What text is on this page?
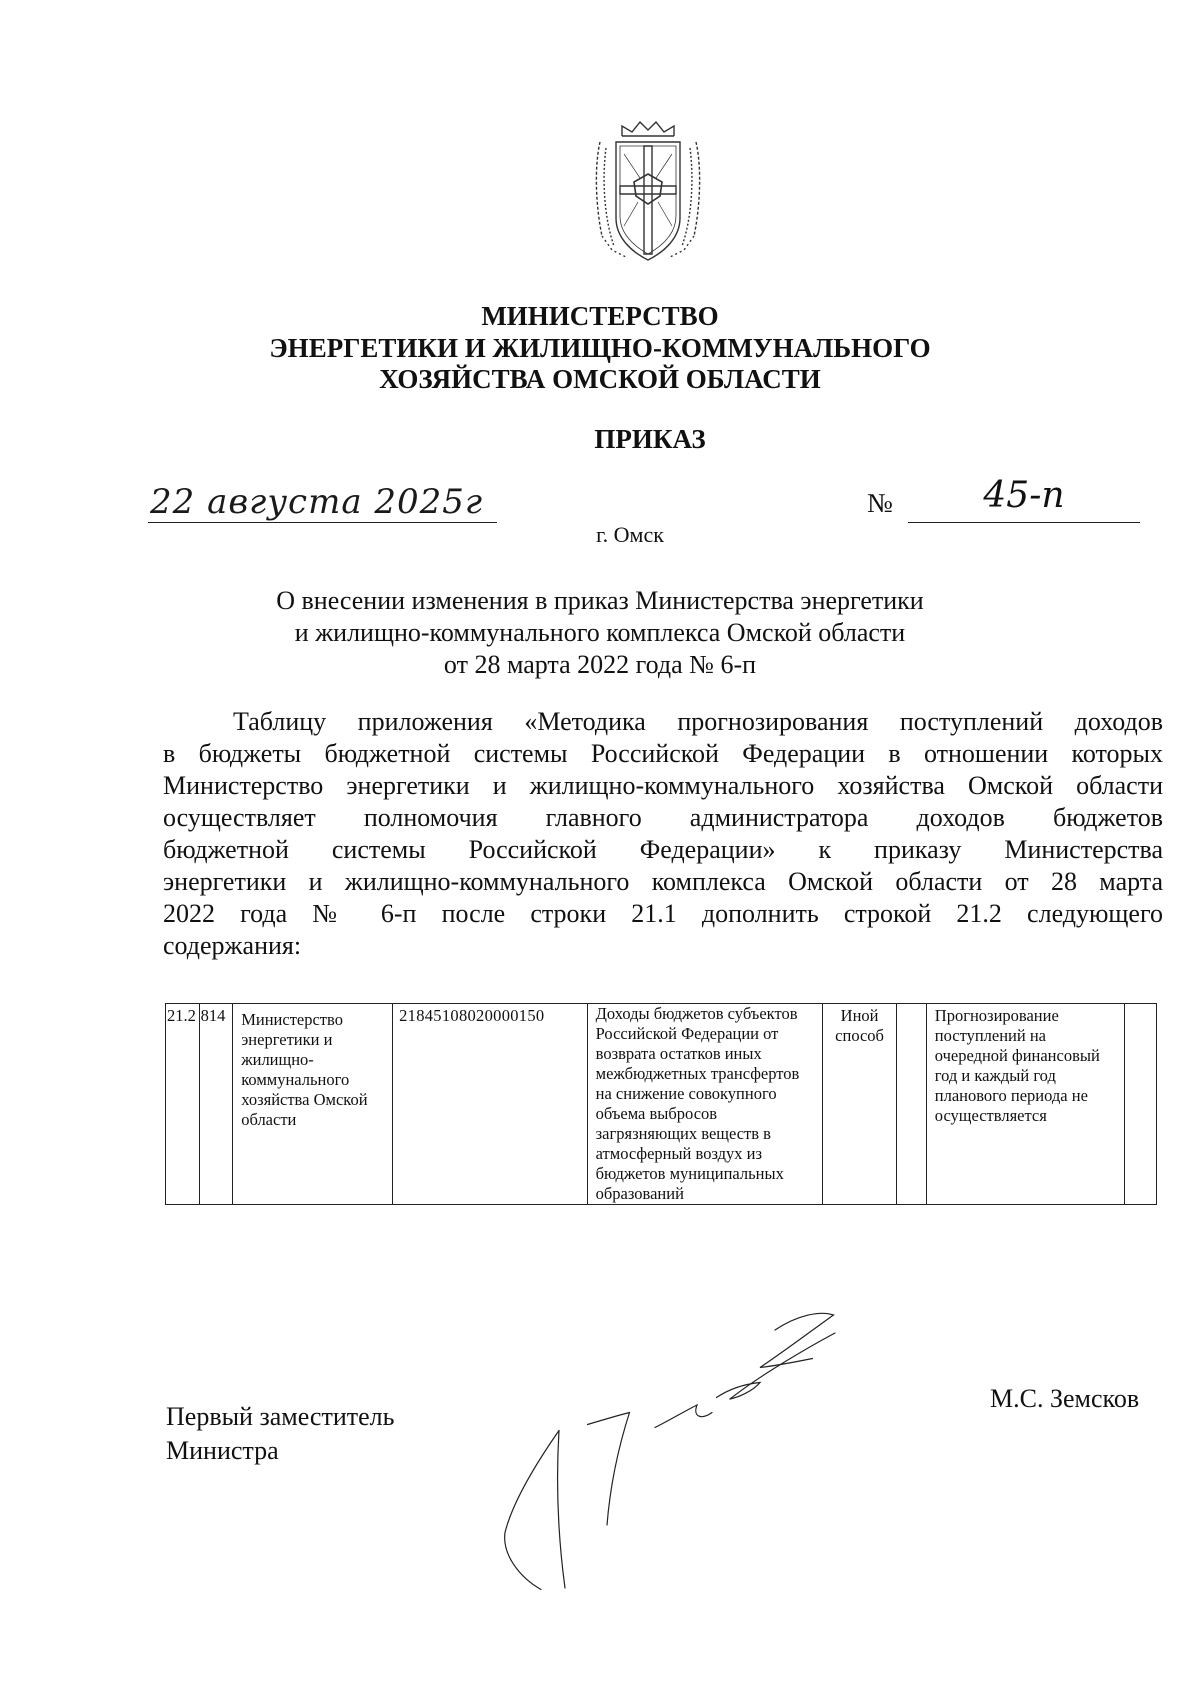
МИНИСТЕРСТВО
ЭНЕРГЕТИКИ И ЖИЛИЩНО-КОММУНАЛЬНОГО
ХОЗЯЙСТВА ОМСКОЙ ОБЛАСТИ
ПРИКАЗ
22 августа 2025г	№	45-п
г. Омск
О внесении изменения в приказ Министерства энергетики
и жилищно-коммунального комплекса Омской области
от 28 марта 2022 года № 6-п
Таблицу приложения «Методика прогнозирования поступлений доходов
в бюджеты бюджетной системы Российской Федерации в отношении которых
Министерство энергетики и жилищно-коммунального хозяйства Омской области
осуществляет полномочия главного администратора доходов бюджетов
бюджетной системы Российской Федерации» к приказу Министерства
энергетики и жилищно-коммунального комплекса Омской области от 28 марта
2022 года № 6-п после строки 21.1 дополнить строкой 21.2 следующего
содержания:
21.2	814	Министерство энергетики и жилищно-коммунального хозяйства Омской области	21845108020000150	Доходы бюджетов субъектов Российской Федерации от возврата остатков иных межбюджетных трансфертов на снижение совокупного объема выбросов загрязняющих веществ в атмосферный воздух из бюджетов муниципальных образований	Иной способ		Прогнозирование поступлений на очередной финансовый год и каждый год планового периода не осуществляется	
Первый заместитель
Министра
М.С. Земсков
